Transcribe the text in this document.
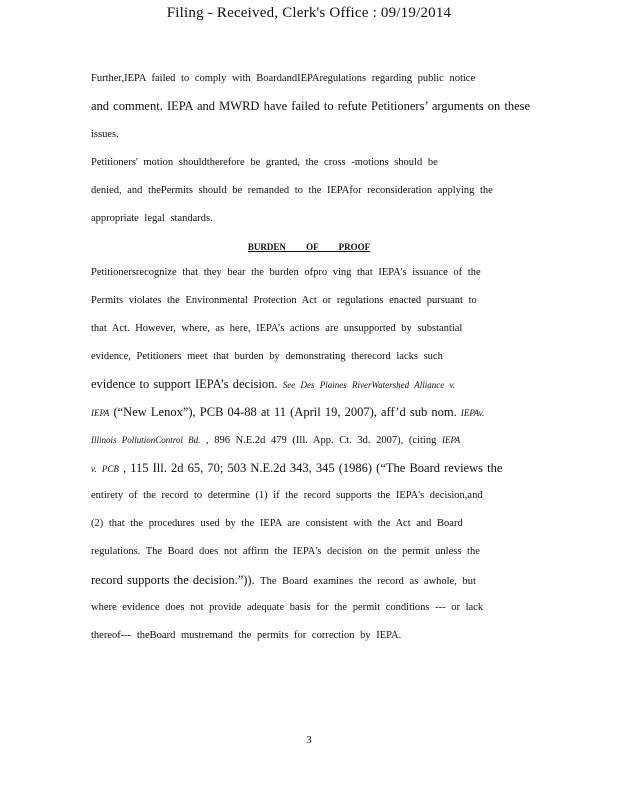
Filing - Received, Clerk's Office : 09/19/2014
Further,IEPA failed to comply with BoardandIEPAregulations regarding public notice
and comment. IEPA and MWRD have failed to refute Petitioners’ arguments on these
issues.
Petitioners' motion shouldtherefore be granted, the cross -motions should be
denied, and thePermits should be remanded to the IEPAfor reconsideration applying the
appropriate legal standards.
BURDEN OF PROOF
Petitionersrecognize that they bear the burden ofpro ving that IEPA’s issuance of the
Permits violates the Environmental Protection Act or regulations enacted pursuant to
that Act. However, where, as here, IEPA’s actions are unsupported by substantial
evidence, Petitioners meet that burden by demonstrating therecord lacks such
evidence to support IEPA’s decision. See Des Plaines RiverWatershed Alliance v.
IEPA (“New Lenox”), PCB 04-88 at 11 (April 19, 2007), aff’d sub nom. IEPAv.
Illinois PollutionControl Bd. , 896 N.E.2d 479 (Ill. App. Ct. 3d. 2007), (citing IEPA
v. PCB , 115 Ill. 2d 65, 70; 503 N.E.2d 343, 345 (1986) (“The Board reviews the
entirety of the record to determine (1) if the record supports the IEPA's decision,and
(2) that the procedures used by the IEPA are consistent with the Act and Board
regulations. The Board does not affirm the IEPA's decision on the permit unless the
record supports the decision.”)). The Board examines the record as awhole, but
where evidence does not provide adequate basis for the permit conditions --- or lack
thereof--- theBoard mustremand the permits for correction by IEPA.
3
